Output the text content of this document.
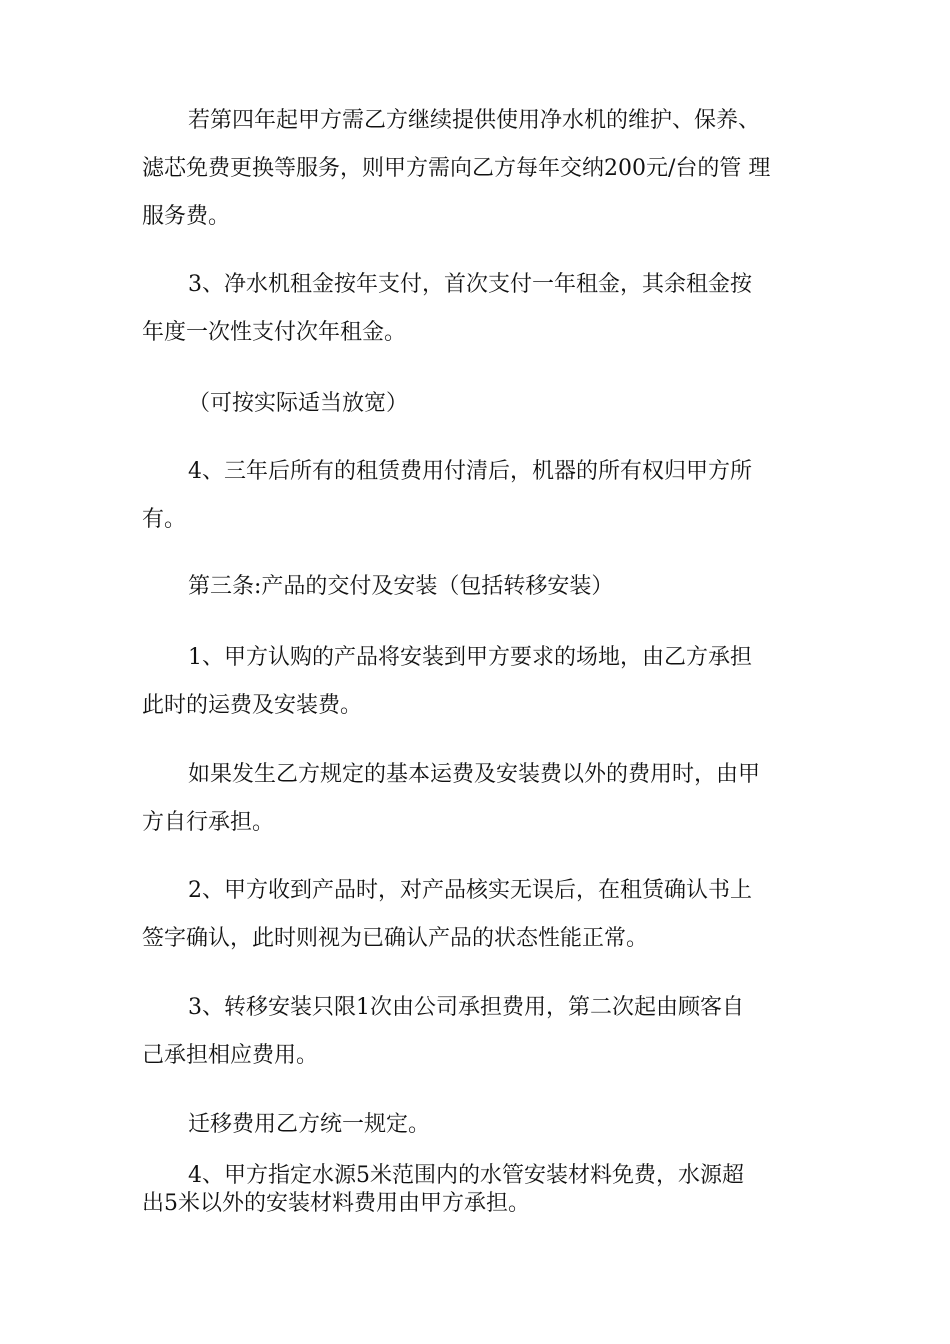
若第四年起甲方需乙方继续提供使用净水机的维护、保养、
滤芯免费更换等服务，则甲方需向乙方每年交纳200元/台的管 理
服务费。

3、净水机租金按年支付，首次支付一年租金，其余租金按
年度一次性支付次年租金。

（可按实际适当放宽）

4、三年后所有的租赁费用付清后，机器的所有权归甲方所
有。

第三条:产品的交付及安装（包括转移安装）

1、甲方认购的产品将安装到甲方要求的场地，由乙方承担
此时的运费及安装费。

如果发生乙方规定的基本运费及安装费以外的费用时，由甲
方自行承担。

2、甲方收到产品时，对产品核实无误后，在租赁确认书上
签字确认，此时则视为已确认产品的状态性能正常。

3、转移安装只限1次由公司承担费用，第二次起由顾客自
己承担相应费用。

迁移费用乙方统一规定。

4、甲方指定水源5米范围内的水管安装材料免费，水源超
出5米以外的安装材料费用由甲方承担。
